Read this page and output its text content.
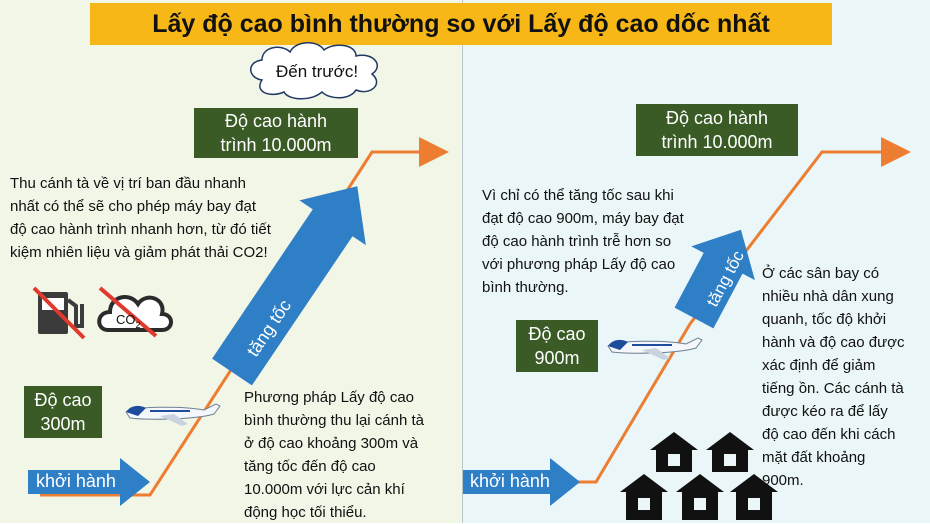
Lấy độ cao bình thường so với Lấy độ cao dốc nhất
$CO_2$	tăng tốc
tăng tốc
Đến trước!
Độ cao hành
trình 10.000m
Thu cánh tà về vị trí ban đầu nhanh
nhất có thể sẽ cho phép máy bay đạt
độ cao hành trình nhanh hơn, từ đó tiết
kiệm nhiên liệu và giảm phát thải CO2!
Độ cao
300m
Phương pháp Lấy độ cao
bình thường thu lại cánh tà
ở độ cao khoảng 300m và
tăng tốc đến độ cao
10.000m với lực cản khí
động học tối thiểu.
khởi hành
Độ cao hành
trình 10.000m
Vì chỉ có thể tăng tốc sau khi
đạt độ cao 900m, máy bay đạt
độ cao hành trình trễ hơn so
với phương pháp Lấy độ cao
bình thường.
Độ cao
900m
Ở các sân bay có
nhiều nhà dân xung
quanh, tốc độ khởi
hành và độ cao được
xác định để giảm
tiếng ồn. Các cánh tà
được kéo ra để lấy
độ cao đến khi cách
mặt đất khoảng
900m.
khởi hành
